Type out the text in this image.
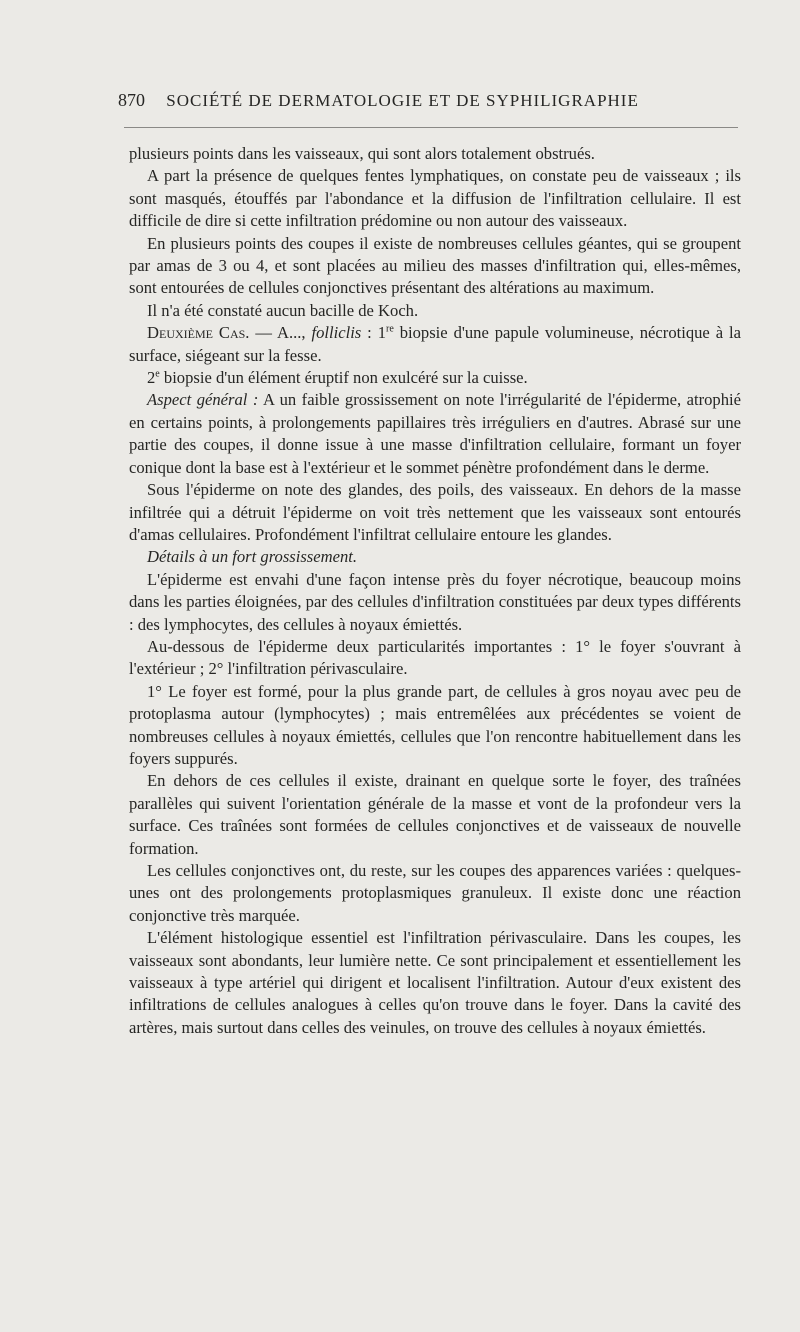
870 SOCIÉTÉ DE DERMATOLOGIE ET DE SYPHILIGRAPHIE

plusieurs points dans les vaisseaux, qui sont alors totalement obstrués.

A part la présence de quelques fentes lymphatiques, on constate peu de vaisseaux ; ils sont masqués, étouffés par l'abondance et la diffusion de l'infiltration cellulaire. Il est difficile de dire si cette infiltration prédomine ou non autour des vaisseaux.

En plusieurs points des coupes il existe de nombreuses cellules géantes, qui se groupent par amas de 3 ou 4, et sont placées au milieu des masses d'infiltration qui, elles-mêmes, sont entourées de cellules conjonctives présentant des altérations au maximum.

Il n'a été constaté aucun bacille de Koch.

Deuxième Cas. — A..., folliclis : 1re biopsie d'une papule volumineuse, nécrotique à la surface, siégeant sur la fesse.

2e biopsie d'un élément éruptif non exulcéré sur la cuisse.

Aspect général : A un faible grossissement on note l'irrégularité de l'épiderme, atrophié en certains points, à prolongements papillaires très irréguliers en d'autres. Abrasé sur une partie des coupes, il donne issue à une masse d'infiltration cellulaire, formant un foyer conique dont la base est à l'extérieur et le sommet pénètre profondément dans le derme.

Sous l'épiderme on note des glandes, des poils, des vaisseaux. En dehors de la masse infiltrée qui a détruit l'épiderme on voit très nettement que les vaisseaux sont entourés d'amas cellulaires. Profondément l'infiltrat cellulaire entoure les glandes.

Détails à un fort grossissement.

L'épiderme est envahi d'une façon intense près du foyer nécrotique, beaucoup moins dans les parties éloignées, par des cellules d'infiltration constituées par deux types différents : des lymphocytes, des cellules à noyaux émiettés.

Au-dessous de l'épiderme deux particularités importantes : 1° le foyer s'ouvrant à l'extérieur ; 2° l'infiltration périvasculaire.

1° Le foyer est formé, pour la plus grande part, de cellules à gros noyau avec peu de protoplasma autour (lymphocytes) ; mais entremêlées aux précédentes se voient de nombreuses cellules à noyaux émiettés, cellules que l'on rencontre habituellement dans les foyers suppurés.

En dehors de ces cellules il existe, drainant en quelque sorte le foyer, des traînées parallèles qui suivent l'orientation générale de la masse et vont de la profondeur vers la surface. Ces traînées sont formées de cellules conjonctives et de vaisseaux de nouvelle formation.

Les cellules conjonctives ont, du reste, sur les coupes des apparences variées : quelques-unes ont des prolongements protoplasmiques granuleux. Il existe donc une réaction conjonctive très marquée.

L'élément histologique essentiel est l'infiltration périvasculaire. Dans les coupes, les vaisseaux sont abondants, leur lumière nette. Ce sont principalement et essentiellement les vaisseaux à type artériel qui dirigent et localisent l'infiltration. Autour d'eux existent des infiltrations de cellules analogues à celles qu'on trouve dans le foyer. Dans la cavité des artères, mais surtout dans celles des veinules, on trouve des cellules à noyaux émiettés.
